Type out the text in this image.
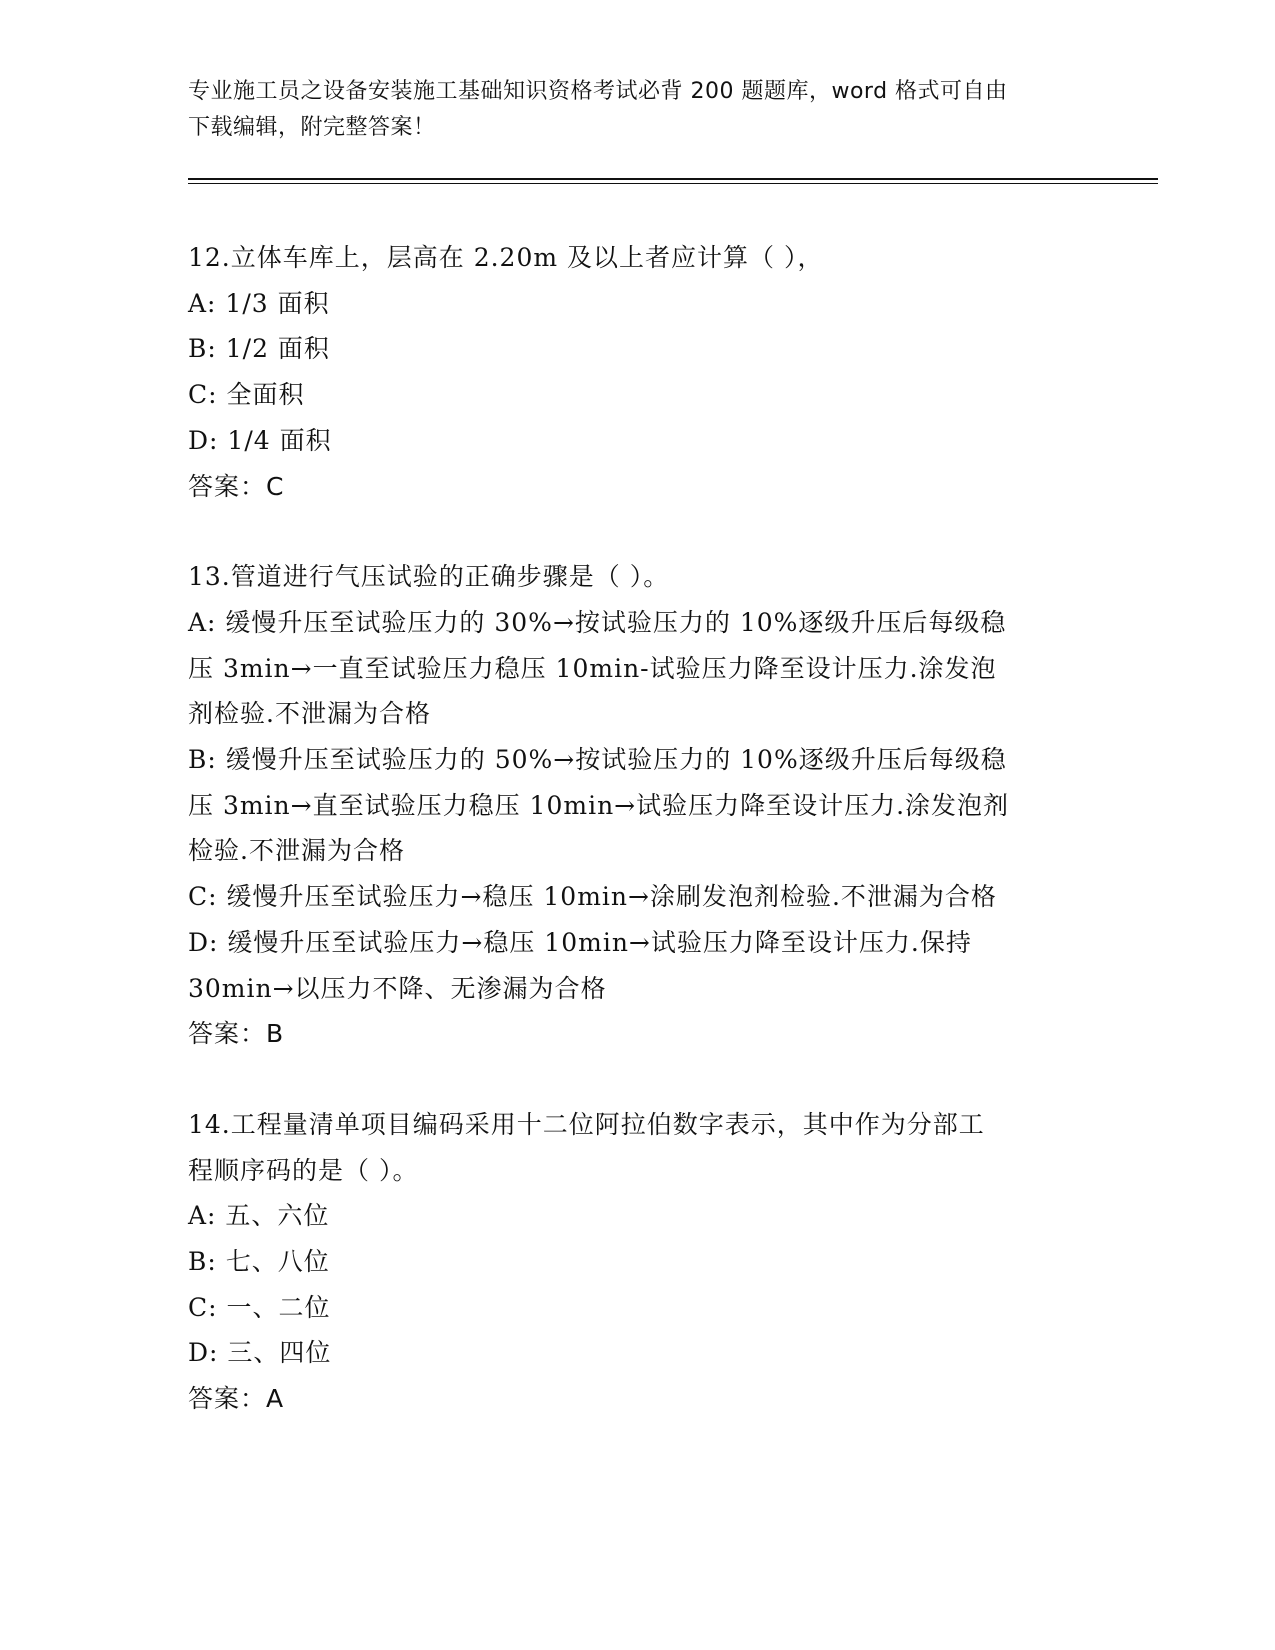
专业施工员之设备安装施工基础知识资格考试必背 200 题题库，word 格式可自由
下载编辑，附完整答案！
12.立体车库上，层高在 2.20m 及以上者应计算（ ），
A: 1/3 面积
B: 1/2 面积
C: 全面积
D: 1/4 面积
答案：C
13.管道进行气压试验的正确步骤是（ ）。
A: 缓慢升压至试验压力的 30%→按试验压力的 10%逐级升压后每级稳
压 3min→一直至试验压力稳压 10min-试验压力降至设计压力.涂发泡
剂检验.不泄漏为合格
B: 缓慢升压至试验压力的 50%→按试验压力的 10%逐级升压后每级稳
压 3min→直至试验压力稳压 10min→试验压力降至设计压力.涂发泡剂
检验.不泄漏为合格
C: 缓慢升压至试验压力→稳压 10min→涂刷发泡剂检验.不泄漏为合格
D: 缓慢升压至试验压力→稳压 10min→试验压力降至设计压力.保持
30min→以压力不降、无渗漏为合格
答案：B
14.工程量清单项目编码采用十二位阿拉伯数字表示，其中作为分部工
程顺序码的是（ ）。
A: 五、六位
B: 七、八位
C: 一、二位
D: 三、四位
答案：A
